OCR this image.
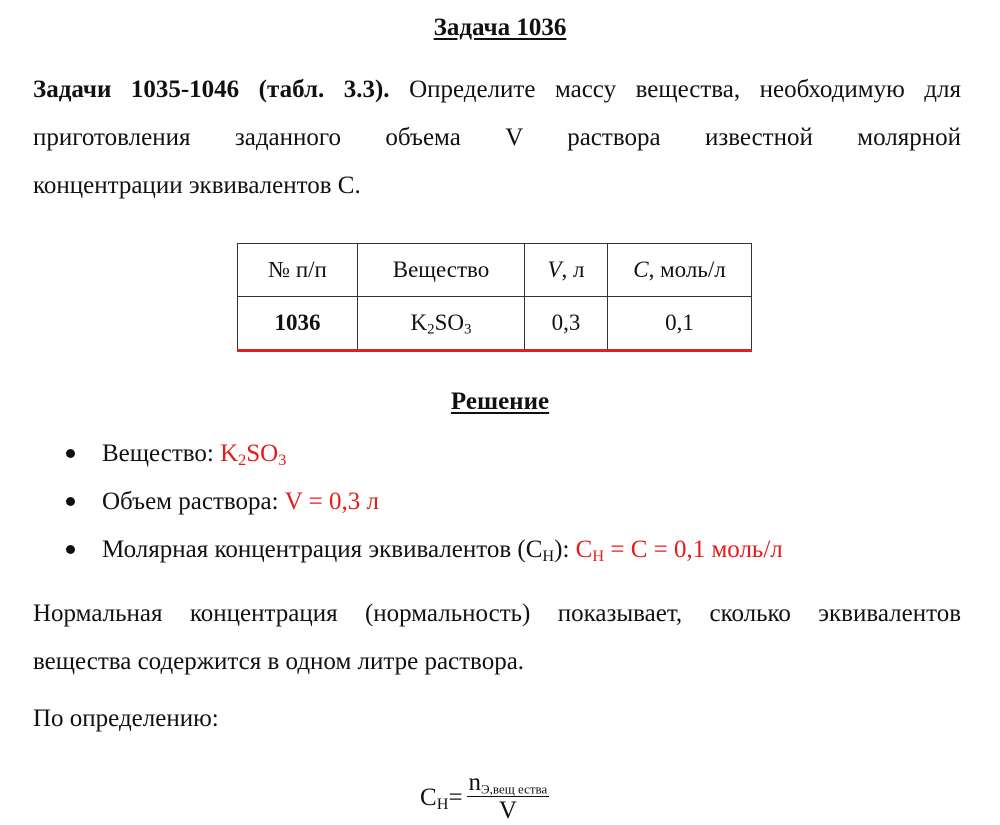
Задача 1036
Задачи 1035-1046 (табл. 3.3). Определите массу вещества, необходимую для
приготовления заданного объема V раствора известной молярной
концентрации эквивалентов С.
№ п/п	Вещество	V, л	C, моль/л
1036	$K_2SO_3$	0,3	0,1
Решение
Вещество: $K_2SO_3$
Объем раствора: V = 0,3 л
Молярная концентрация эквивалентов $(С_Н)$: $С_Н = С = 0,1$ моль/л
Нормальная концентрация (нормальность) показывает, сколько эквивалентов
вещества содержится в одном литре раствора.
По определению:
$С_Н = \frac{n_{Э,вещ ества}}{V}$
